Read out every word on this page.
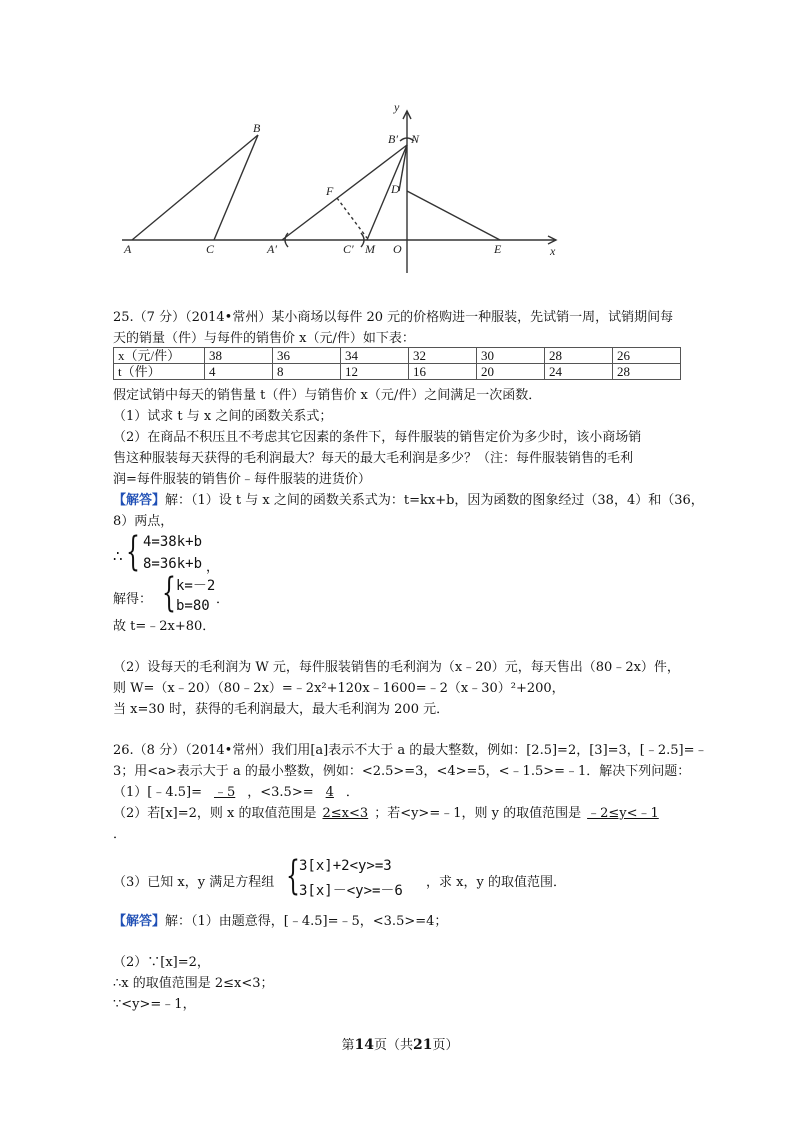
y
B
B′ N
F	D
A	C	A′	C′ M O	E	x
25.（7 分）（2014•常州）某小商场以每件 20 元的价格购进一种服装，先试销一周，试销期间每
天的销量（件）与每件的销售价 x（元/件）如下表：
x（元/件）	38	36	34	32	30	28	26
t（件）	4	8	12	16	20	24	28
假定试销中每天的销售量 t（件）与销售价 x（元/件）之间满足一次函数．
（1）试求 t 与 x 之间的函数关系式；
（2）在商品不积压且不考虑其它因素的条件下，每件服装的销售定价为多少时，该小商场销
售这种服装每天获得的毛利润最大？每天的最大毛利润是多少？（注：每件服装销售的毛利
润=每件服装的销售价﹣每件服装的进货价）
【解答】解：（1）设 t 与 x 之间的函数关系式为：t=kx+b，因为函数的图象经过（38，4）和（36，
8）两点，
∴ { 4=38k+b
8=36k+b ，
解得： { k=－2
b=80 ．
故 t=﹣2x+80．
（2）设每天的毛利润为 W 元，每件服装销售的毛利润为（x﹣20）元，每天售出（80﹣2x）件，
则 W=（x﹣20）（80﹣2x）=﹣2x²+120x﹣1600=﹣2（x﹣30）²+200，
当 x=30 时，获得的毛利润最大，最大毛利润为 200 元．
26.（8 分）（2014•常州）我们用[a]表示不大于 a 的最大整数，例如：[2.5]=2，[3]=3，[﹣2.5]=﹣
3；用<a>表示大于 a 的最小整数，例如：<2.5>=3，<4>=5，<﹣1.5>=﹣1．解决下列问题：
（1）[﹣4.5]= ﹣5 ，<3.5>= 4 ．
（2）若[x]=2，则 x 的取值范围是 2≤x<3 ；若<y>=﹣1，则 y 的取值范围是 ﹣2≤y<﹣1
．
（3）已知 x，y 满足方程组 { 3[x]+2<y>=3
3[x]－<y>=－6
，求 x，y 的取值范围．
【解答】解：（1）由题意得，[﹣4.5]=﹣5，<3.5>=4；
（2）∵[x]=2，
∴x 的取值范围是 2≤x<3；
∵<y>=﹣1，
第14页（共21页）
